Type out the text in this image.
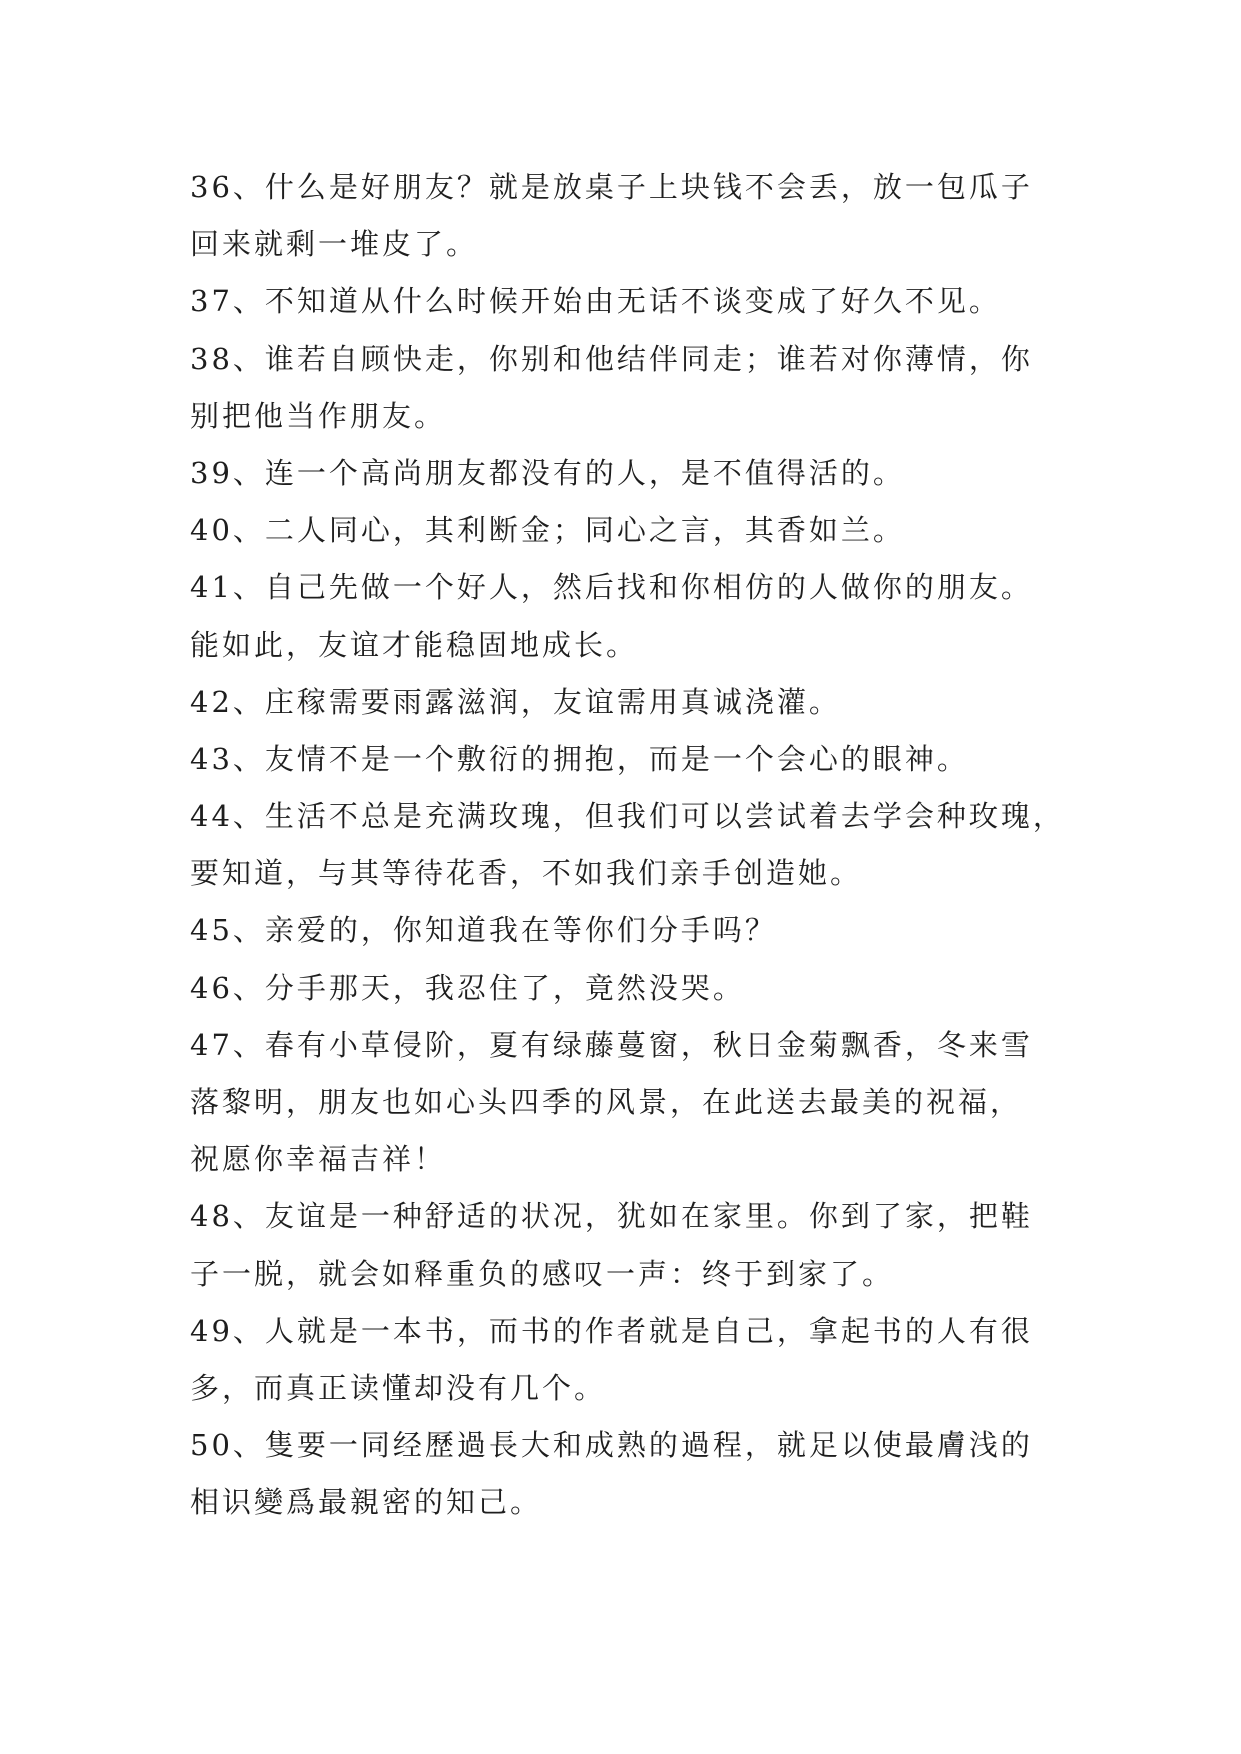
36、什么是好朋友？就是放桌子上块钱不会丢，放一包瓜子
回来就剩一堆皮了。
37、不知道从什么时候开始由无话不谈变成了好久不见。
38、谁若自顾快走，你别和他结伴同走；谁若对你薄情，你
别把他当作朋友。
39、连一个高尚朋友都没有的人，是不值得活的。
40、二人同心，其利断金；同心之言，其香如兰。
41、自己先做一个好人，然后找和你相仿的人做你的朋友。
能如此，友谊才能稳固地成长。
42、庄稼需要雨露滋润，友谊需用真诚浇灌。
43、友情不是一个敷衍的拥抱，而是一个会心的眼神。
44、生活不总是充满玫瑰，但我们可以尝试着去学会种玫瑰，
要知道，与其等待花香，不如我们亲手创造她。
45、亲爱的，你知道我在等你们分手吗？
46、分手那天，我忍住了，竟然没哭。
47、春有小草侵阶，夏有绿藤蔓窗，秋日金菊飘香，冬来雪
落黎明，朋友也如心头四季的风景，在此送去最美的祝福，
祝愿你幸福吉祥！
48、友谊是一种舒适的状况，犹如在家里。你到了家，把鞋
子一脱，就会如释重负的感叹一声：终于到家了。
49、人就是一本书，而书的作者就是自己，拿起书的人有很
多，而真正读懂却没有几个。
50、隻要一同经歷過長大和成熟的過程，就足以使最膚浅的
相识變爲最親密的知己。
